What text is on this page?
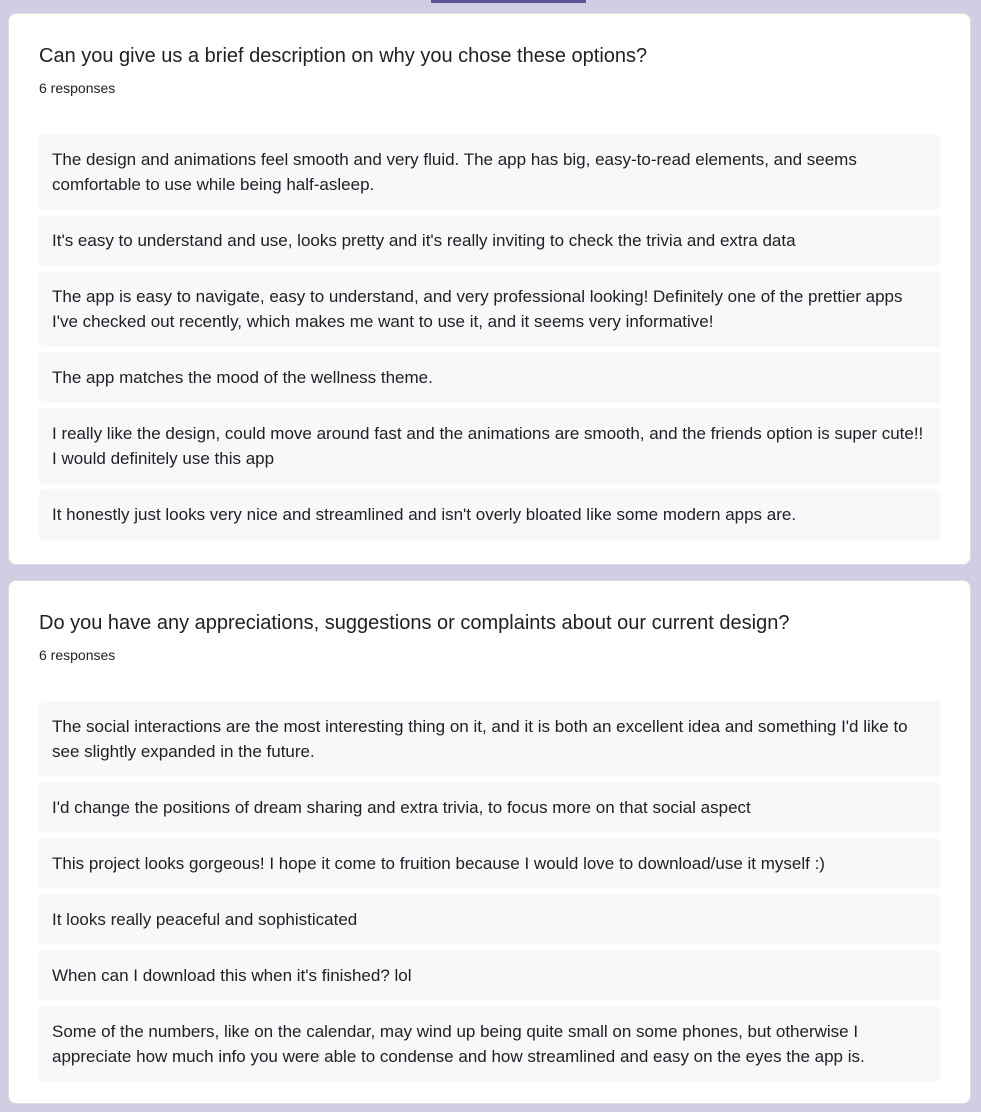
Can you give us a brief description on why you chose these options?
6 responses
The design and animations feel smooth and very fluid. The app has big, easy-to-read elements, and seems comfortable to use while being half-asleep.
It's easy to understand and use, looks pretty and it's really inviting to check the trivia and extra data
The app is easy to navigate, easy to understand, and very professional looking! Definitely one of the prettier apps I've checked out recently, which makes me want to use it, and it seems very informative!
The app matches the mood of the wellness theme.
I really like the design, could move around fast and the animations are smooth, and the friends option is super cute!! I would definitely use this app
It honestly just looks very nice and streamlined and isn't overly bloated like some modern apps are.
Do you have any appreciations, suggestions or complaints about our current design?
6 responses
The social interactions are the most interesting thing on it, and it is both an excellent idea and something I'd like to see slightly expanded in the future.
I'd change the positions of dream sharing and extra trivia, to focus more on that social aspect
This project looks gorgeous! I hope it come to fruition because I would love to download/use it myself :)
It looks really peaceful and sophisticated
When can I download this when it's finished? lol
Some of the numbers, like on the calendar, may wind up being quite small on some phones, but otherwise I appreciate how much info you were able to condense and how streamlined and easy on the eyes the app is.
